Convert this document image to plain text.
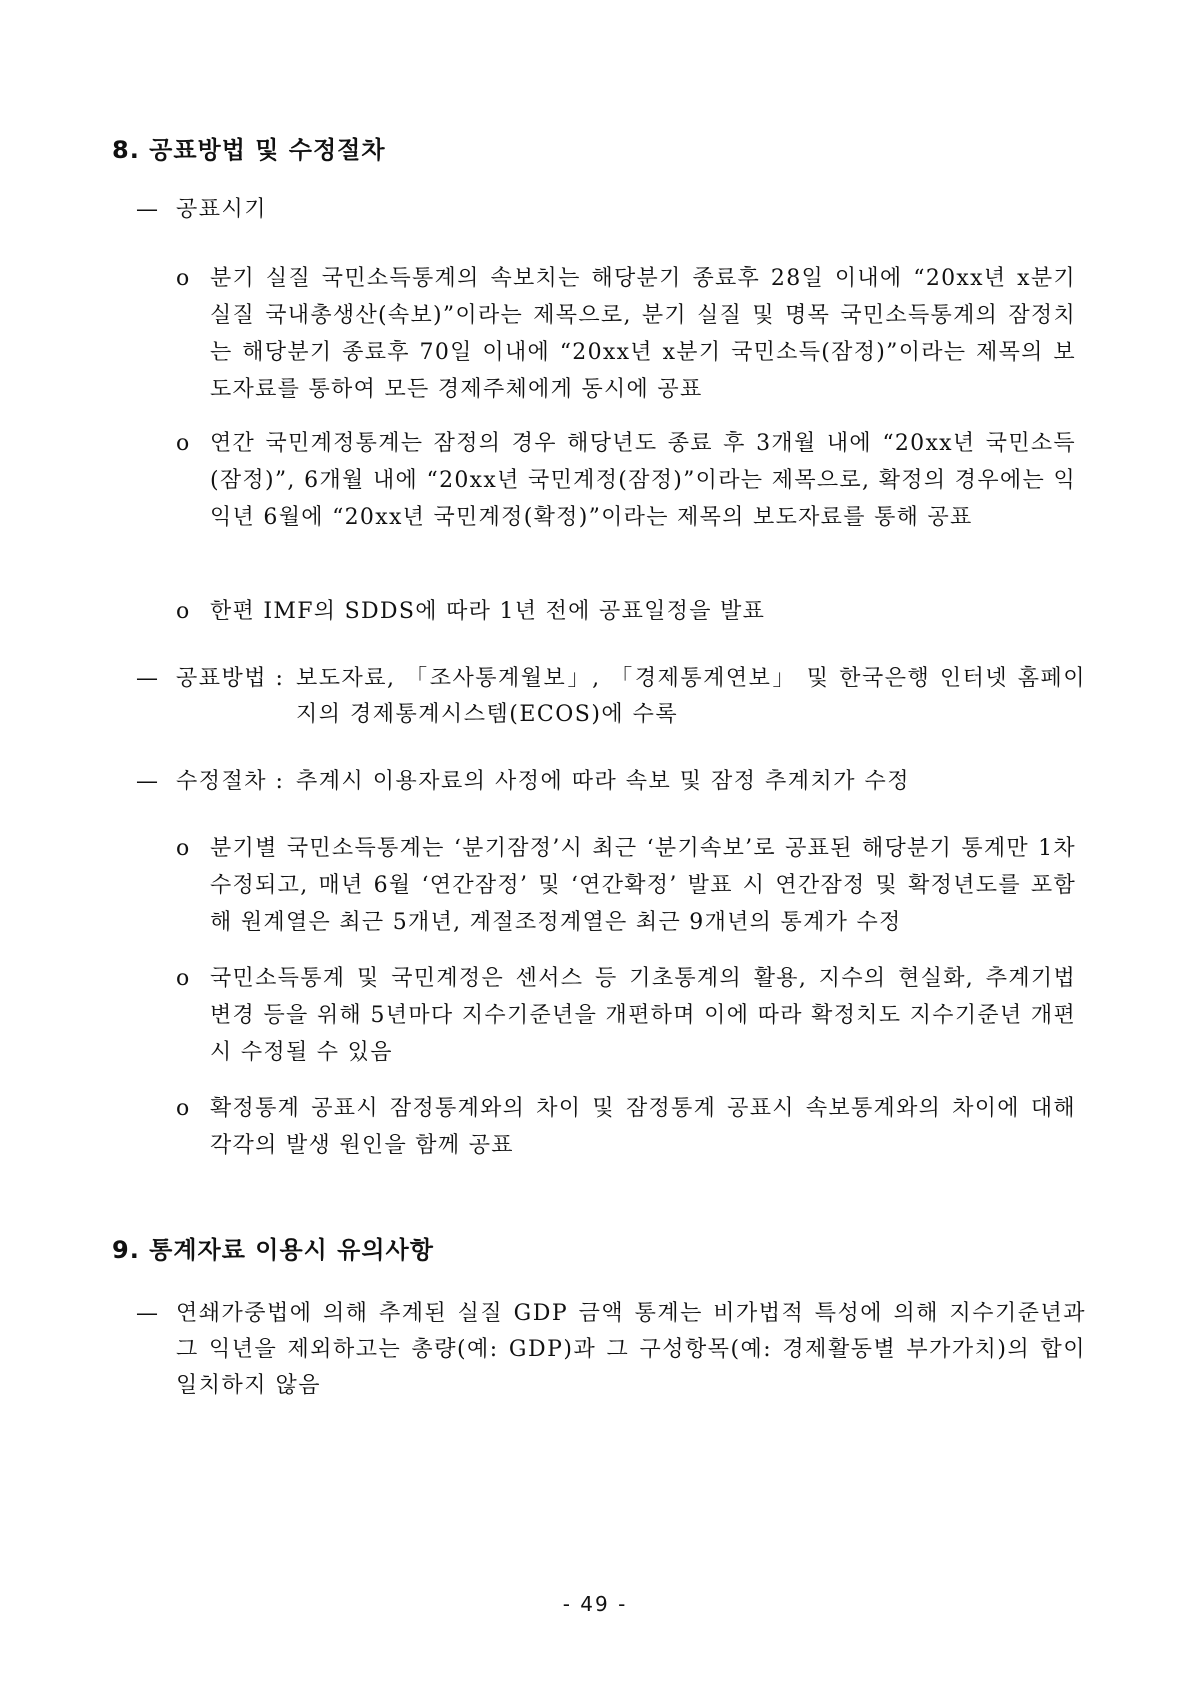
8. 공표방법 및 수정절차
— 공표시기
o 분기 실질 국민소득통계의 속보치는 해당분기 종료후 28일 이내에 “20xx년 x분기 실질 국내총생산(속보)”이라는 제목으로, 분기 실질 및 명목 국민소득통계의 잠정치는 해당분기 종료후 70일 이내에 “20xx년 x분기 국민소득(잠정)”이라는 제목의 보도자료를 통하여 모든 경제주체에게 동시에 공표
o 연간 국민계정통계는 잠정의 경우 해당년도 종료 후 3개월 내에 “20xx년 국민소득(잠정)”, 6개월 내에 “20xx년 국민계정(잠정)”이라는 제목으로, 확정의 경우에는 익익년 6월에 “20xx년 국민계정(확정)”이라는 제목의 보도자료를 통해 공표
o 한편 IMF의 SDDS에 따라 1년 전에 공표일정을 발표
— 공표방법 : 보도자료, 「조사통계월보」, 「경제통계연보」 및 한국은행 인터넷 홈페이지의 경제통계시스템(ECOS)에 수록
— 수정절차 : 추계시 이용자료의 사정에 따라 속보 및 잠정 추계치가 수정
o 분기별 국민소득통계는 ‘분기잠정’시 최근 ‘분기속보’로 공표된 해당분기 통계만 1차 수정되고, 매년 6월 ‘연간잠정’ 및 ‘연간확정’ 발표 시 연간잠정 및 확정년도를 포함해 원계열은 최근 5개년, 계절조정계열은 최근 9개년의 통계가 수정
o 국민소득통계 및 국민계정은 센서스 등 기초통계의 활용, 지수의 현실화, 추계기법 변경 등을 위해 5년마다 지수기준년을 개편하며 이에 따라 확정치도 지수기준년 개편시 수정될 수 있음
o 확정통계 공표시 잠정통계와의 차이 및 잠정통계 공표시 속보통계와의 차이에 대해 각각의 발생 원인을 함께 공표
9. 통계자료 이용시 유의사항
— 연쇄가중법에 의해 추계된 실질 GDP 금액 통계는 비가법적 특성에 의해 지수기준년과 그 익년을 제외하고는 총량(예: GDP)과 그 구성항목(예: 경제활동별 부가가치)의 합이 일치하지 않음
- 49 -
